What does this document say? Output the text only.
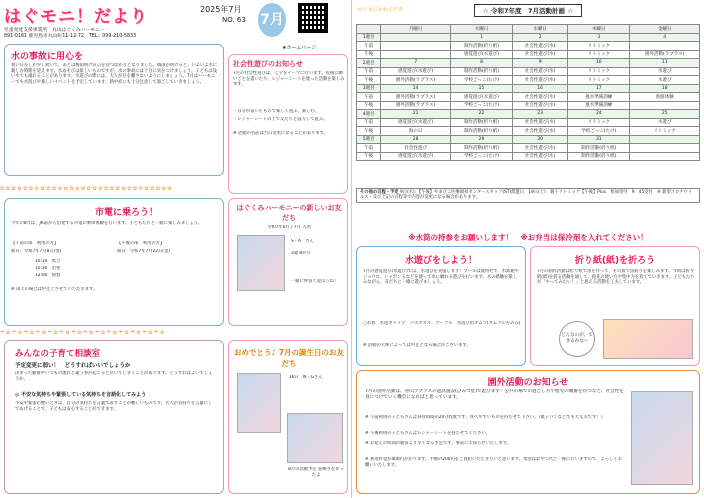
はぐモニ！だより	2025年7月
NO. 63 7月
児童発達支援事業所　丸山はぐくみハーモニー
891-0161 鹿児島市丸山町11-12-72　 TEL：099-210-5833
水の事故に用心を
暑い日差しが少し続いて、あとは梅雨明け宣言を待つばかりとなりました。梅雨が明けると、いよいよ水に親しむ時期を迎えます。水あそびは楽しいものですが、水の事故には十分に気をつけましょう。子どもは浅い水でも溺れることがあります。水遊びの際には、大人が目を離さないようにしましょう。7月はハーモニーでも水遊びや楽しいイベントを予定しています。熱中症にも十分注意して過ごしていきましょう。
★ホームページ
社会性遊びのお知らせ
7月の社会性遊びは、七夕をテーマに行います。短冊に願いごとを書いたり、レジャーシートを使った活動を楽しみます。
・自分が書いたもので楽しく遊ぶ。楽しむ。
・レジャーシートの上で友だちと協力して遊ぶ。
※ 活動の名前は当日変更になることがあります。
✿ ✿ ✿ ✿ ✿ ✿ ✿ ✿ ✿ ✿ ✿ ✿ ✿ ✿ ✿ ✿ ✿ ✿ ✿ ✿ ✿ ✿ ✿ ✿ ✿ ✿ ✿ ✿ ✿ ✿
市電に乗ろう！
今年の8月は、JR前から出発する市電の乗車体験を行います。子どもたちと一緒に楽しみましょう。
【午前の部　利用の方】
期日：令和7年7月8日(金)
【午後の部　利用の方】
期日：令和7年7月22日(金)
10:10　集合
10:30　出発
12:00　帰着
※ 雨天の場合は中止とさせていただきます。
はぐくみハーモニーの新しいお友だち
令和7年6月 / 7月 入所
S・A　さん
3歳 8か月
一緒に仲良く遊ぼうね！
☂ ✿ ☂ ✿ ☂ ✿ ☂ ✿ ☂ ✿ ☂ ✿ ☂ ✿ ☂ ✿ ☂ ✿ ☂ ✿ ☂ ✿ ☂ ✿ ☂ ✿ ☂ ✿
みんなの子育て相談室
予定変更に弱い！　どうすればいいでしょうか
決まった順番やいつもの流れと違う事が起こると泣いてしまうことがあります。どうすればよいでしょうか。
◎ 不安な気持ちや緊張している気持ちを言語化してみよう
不安や緊張が強いときは、自分の気持ちを言葉で表すことが難しいものです。大人が気持ちを言葉にしてあげることで、子どもは安心することができます。
おめでとう♪ 7月の誕生日のお友だち
16日　N・Gさん
8月の活動予定 笹飾りを作ったよ
がくもにかれんだあ	☆ 令和7年度　7月活動計画 ☆
	月曜日	火曜日	水曜日	木曜日	金曜日
1週目		1	2	3	4
午前		制作活動(折り紙)	社会性遊び(水)	リトミック	
午後		感覚遊び(水遊び)	社会性遊び(水)	リトミック	園外活動(ラプラス)
2週目	7	8	9	10	11
午前	感覚遊び(水遊び)	制作活動(折り紙)	社会性遊び(水)	リトミック	水遊び
午後	園外活動(ラプラス)	学校ごっこ(たけ)	社会性遊び(水)	リトミック	水遊び
3週目	14	15	16	17	18
午前	園外活動(ラプラス)	感覚遊び(水遊び)	社会性遊び(水)	風水準備訓練	新鮮体験
午後	園外活動(ラプラス)	学校ごっこ(たけ)	社会性遊び(水)	風水準備訓練	
4週目	21	22	23	24	25
午前	感覚遊び(水遊び)	制作活動(折り紙)	社会性遊び(水)	リトミック	水遊び
午後	海の日	制作活動(折り紙)	社会性遊び(水)	学校ごっこ(たけ)	リトミック
5週目	28	29	30	31	
午前	社会性遊び	制作活動(折り紙)	社会性遊び(水)	制作活動(折り紙)	
午後	感覚遊び(水遊び)	学校ごっこ(たけ)	社会性遊び(水)	制作活動(折り紙)	
その他の日程・予定 9日(水)：【午後】やまびこ医療福祉センタースタッフ(ST)派遣日　19日(土)：親子リトミック【午後】Plus　参加受付　9：45受付　※ 新型コロナウイルス・及び上記の日程等で内容が変更になる場合があります。
※水筒の持参をお願いします！　※お弁当は保冷剤を入れてください！
水遊びをしよう！
7月の感覚遊び(水遊び)では、水遊びを実施します！プールは使用せず、水鉄砲やジョウロ、シャボン玉などを使って水に触れる遊びを行います。水の感触を楽しみながら、友だちと一緒に遊びましょう。
○水着　水遊ギャップ　バスタオル　ゴーグル　水遊び用オムツ(オムツの方のみ)
※ 活動の天候によっては中止となる場合がございます。
折り紙(紙)を折ろう
7月の制作活動は折り紙で魚を作って、その魚で魚釣りを楽しみます。今回は折り紙(紙)を折る活動を通して、指先の使い方や集中力を育てていきます。子どもたちが「やってみたい！」と思える活動を工夫しています。
どんなのが、できるかな～
園外活動のお知らせ
7月の園外活動は、谷山ラプラスの遊具施設(ひみつ堂)で遊びます！公共の場での過ごし方や他児の順番を待つなど、社会性を身につけていく機会になればと思っています。
※ 午前利用の子どもさんは昼食時間が20分程度です。食べやすいものを持たせて下さい。（菓子パンなどでも大丈夫です！）
※ 午後利用の子どもさんはレジャーシートを持たせてください。
※ お迎えの時間が通常より早くなる予定です。事前にお知らせいたします。
※ 利用料金が400円かかります。半額の200円をご負担いただきたいと思います。集金はおやつ代と一緒に行いますので、よろしくお願いいたします。
